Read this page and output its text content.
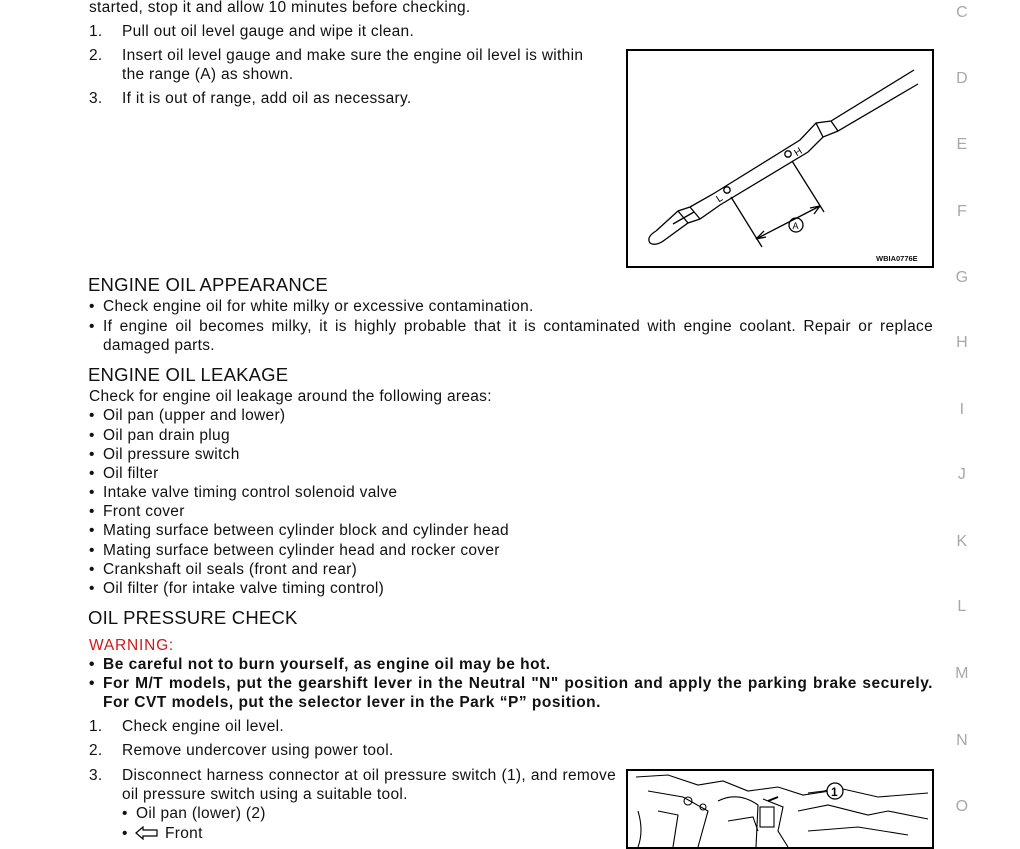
started, stop it and allow 10 minutes before checking.
1. Pull out oil level gauge and wipe it clean.
2. Insert oil level gauge and make sure the engine oil level is within
the range (A) as shown.
3. If it is out of range, add oil as necessary.
L
H
A
WBIA0776E
ENGINE OIL APPEARANCE
• Check engine oil for white milky or excessive contamination.
• If engine oil becomes milky, it is highly probable that it is contaminated with engine coolant. Repair or replace damaged parts.
ENGINE OIL LEAKAGE
Check for engine oil leakage around the following areas:
• Oil pan (upper and lower)
• Oil pan drain plug
• Oil pressure switch
• Oil filter
• Intake valve timing control solenoid valve
• Front cover
• Mating surface between cylinder block and cylinder head
• Mating surface between cylinder head and rocker cover
• Crankshaft oil seals (front and rear)
• Oil filter (for intake valve timing control)
OIL PRESSURE CHECK
WARNING:
• Be careful not to burn yourself, as engine oil may be hot.
• For M/T models, put the gearshift lever in the Neutral "N" position and apply the parking brake securely. For CVT models, put the selector lever in the Park “P” position.
1. Check engine oil level.
2. Remove undercover using power tool.
3. Disconnect harness connector at oil pressure switch (1), and remove oil pressure switch using a suitable tool.
• Oil pan (lower) (2)
• Front
1
C
D
E
F
G
H
I
J
K
L
M
N
O
